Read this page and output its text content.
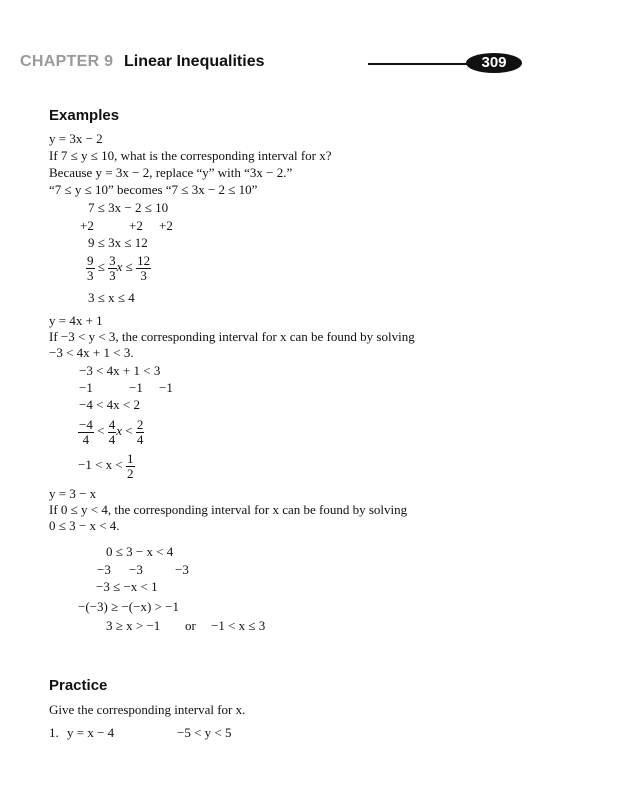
CHAPTER 9 Linear Inequalities	309
Examples
y = 3x − 2
If 7 ≤ y ≤ 10, what is the corresponding interval for x?
Because y = 3x − 2, replace “y” with “3x − 2.”
“7 ≤ y ≤ 10” becomes “7 ≤ 3x − 2 ≤ 10”
7 ≤ 3x − 2 ≤ 10
+2	+2 +2
9 ≤ 3x ≤ 12
$\frac{9}{3} \le \frac{3}{3}$ $x \le \frac{12}{3}$
3 ≤ x ≤ 4
y = 4x + 1
If −3 < y < 3, the corresponding interval for x can be found by solving
−3 < 4x + 1 < 3.
−3 < 4x + 1 < 3
−1	−1 −1
−4 < 4x < 2
$\frac{-4}{4} < \frac{4}{4}$ $x < \frac{2}{4}$
$-1 < x < \frac{1}{2}$
y = 3 − x
If 0 ≤ y < 4, the corresponding interval for x can be found by solving
0 ≤ 3 − x < 4.
0 ≤ 3 − x < 4
−3 −3 −3
−3 ≤ −x < 1
−(−3) ≥ −(−x) > −1
3 ≥ x > −1 or −1 < x ≤ 3
Practice
Give the corresponding interval for x.
1. y = x − 4	−5 < y < 5
